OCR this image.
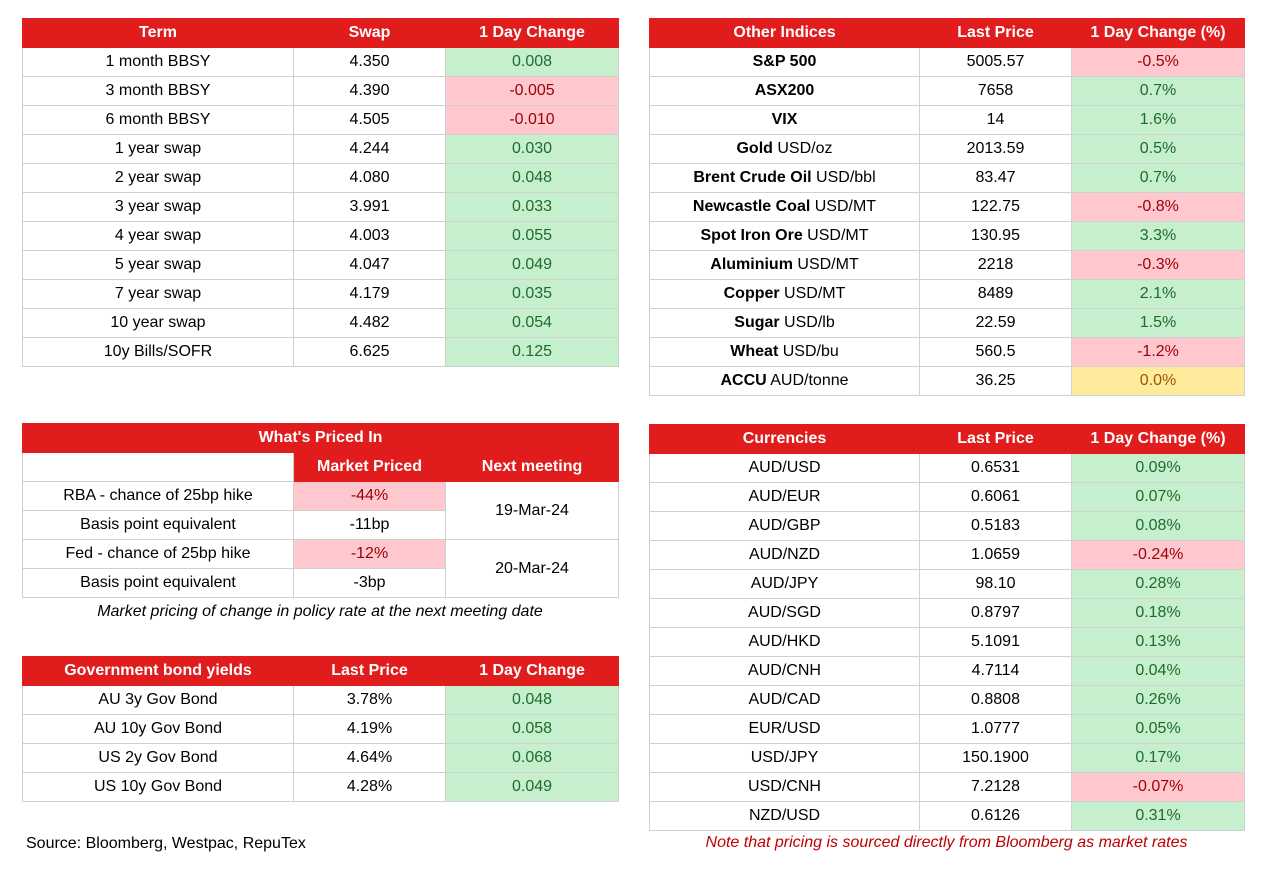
Term	Swap	1 Day Change
1 month BBSY	4.350	0.008
3 month BBSY	4.390	-0.005
6 month BBSY	4.505	-0.010
1 year swap	4.244	0.030
2 year swap	4.080	0.048
3 year swap	3.991	0.033
4 year swap	4.003	0.055
5 year swap	4.047	0.049
7 year swap	4.179	0.035
10 year swap	4.482	0.054
10y Bills/SOFR	6.625	0.125
Other Indices	Last Price	1 Day Change (%)
S&P 500	5005.57	-0.5%
ASX200	7658	0.7%
VIX	14	1.6%
Gold USD/oz	2013.59	0.5%
Brent Crude Oil USD/bbl	83.47	0.7%
Newcastle Coal USD/MT	122.75	-0.8%
Spot Iron Ore USD/MT	130.95	3.3%
Aluminium USD/MT	2218	-0.3%
Copper USD/MT	8489	2.1%
Sugar USD/lb	22.59	1.5%
Wheat USD/bu	560.5	-1.2%
ACCU AUD/tonne	36.25	0.0%
What's Priced In		
	Market Priced	Next meeting
RBA - chance of 25bp hike	-44%	19-Mar-24
Basis point equivalent	-11bp	
Fed - chance of 25bp hike	-12%	20-Mar-24
Basis point equivalent	-3bp	
Market pricing of change in policy rate at the next meeting date
Currencies	Last Price	1 Day Change (%)
AUD/USD	0.6531	0.09%
AUD/EUR	0.6061	0.07%
AUD/GBP	0.5183	0.08%
AUD/NZD	1.0659	-0.24%
AUD/JPY	98.10	0.28%
AUD/SGD	0.8797	0.18%
AUD/HKD	5.1091	0.13%
AUD/CNH	4.7114	0.04%
AUD/CAD	0.8808	0.26%
EUR/USD	1.0777	0.05%
USD/JPY	150.1900	0.17%
USD/CNH	7.2128	-0.07%
NZD/USD	0.6126	0.31%
Government bond yields	Last Price	1 Day Change
AU 3y Gov Bond	3.78%	0.048
AU 10y Gov Bond	4.19%	0.058
US 2y Gov Bond	4.64%	0.068
US 10y Gov Bond	4.28%	0.049
Source: Bloomberg, Westpac, RepuTex	Note that pricing is sourced directly from Bloomberg as market rates
